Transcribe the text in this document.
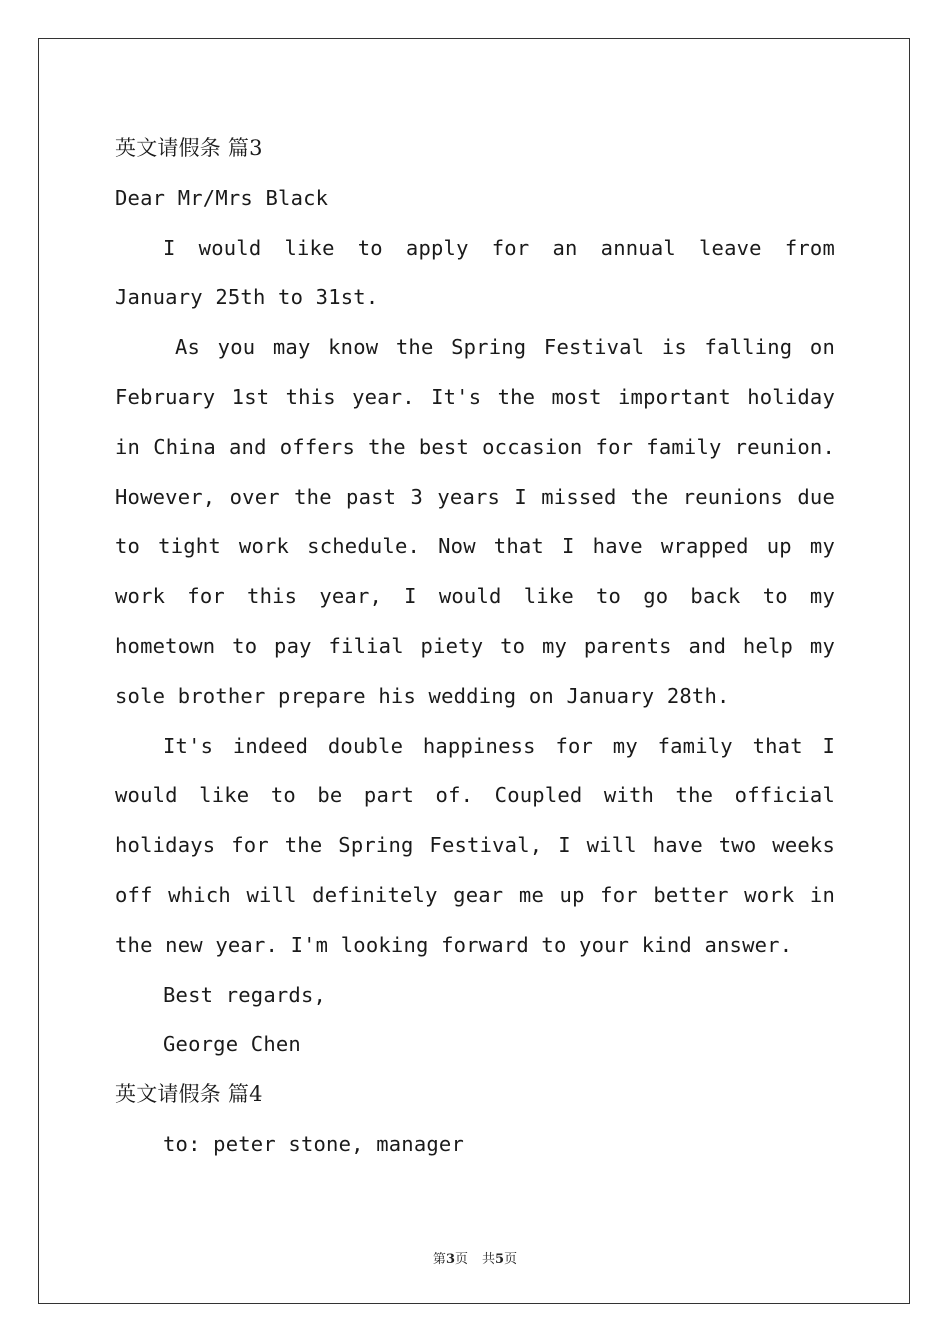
英文请假条 篇3

Dear Mr/Mrs Black

I would like to apply for an annual leave from January 25th to 31st.

As you may know the Spring Festival is falling on February 1st this year. It's the most important holiday in China and offers the best occasion for family reunion. However, over the past 3 years I missed the reunions due to tight work schedule. Now that I have wrapped up my work for this year, I would like to go back to my hometown to pay filial piety to my parents and help my sole brother prepare his wedding on January 28th.

It's indeed double happiness for my family that I would like to be part of. Coupled with the official holidays for the Spring Festival, I will have two weeks off which will definitely gear me up for better work in the new year. I'm looking forward to your kind answer.

Best regards,

George Chen

英文请假条 篇4

to: peter stone, manager

第3页 共5页
